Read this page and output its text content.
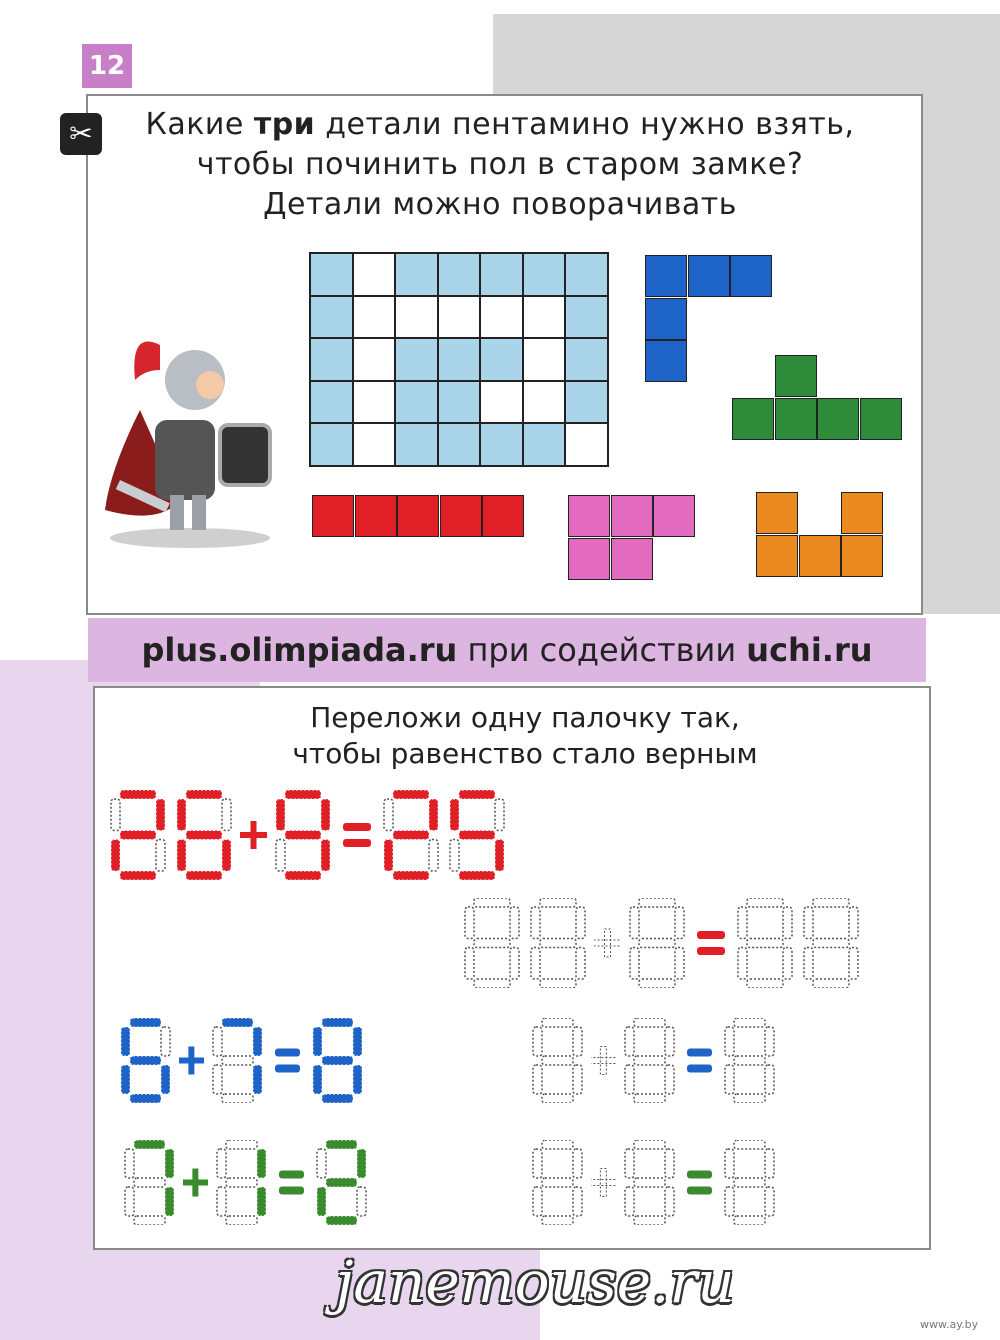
12
✂	Какие три детали пентамино нужно взять,
чтобы починить пол в старом замке?
Детали можно поворачивать
plus.olimpiada.ru при содействии uchi.ru
Переложи одну палочку так,
чтобы равенство стало верным
janemouse.ru
www.ay.by
